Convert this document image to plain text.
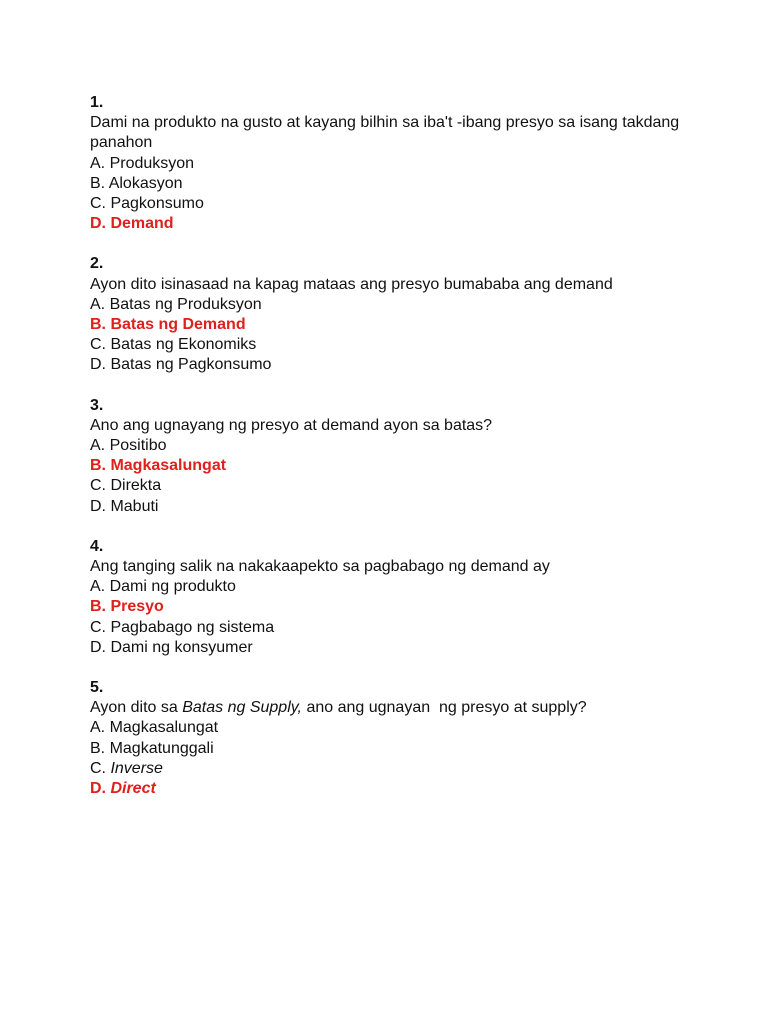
1.
Dami na produkto na gusto at kayang bilhin sa iba't -ibang presyo sa isang takdang panahon
A. Produksyon
B. Alokasyon
C. Pagkonsumo
D. Demand
2.
Ayon dito isinasaad na kapag mataas ang presyo bumababa ang demand
A. Batas ng Produksyon
B. Batas ng Demand
C. Batas ng Ekonomiks
D. Batas ng Pagkonsumo
3.
Ano ang ugnayang ng presyo at demand ayon sa batas?
A. Positibo
B. Magkasalungat
C. Direkta
D. Mabuti
4.
Ang tanging salik na nakakaapekto sa pagbabago ng demand ay
A. Dami ng produkto
B. Presyo
C. Pagbabago ng sistema
D. Dami ng konsyumer
5.
Ayon dito sa Batas ng Supply, ano ang ugnayan  ng presyo at supply?
A. Magkasalungat
B. Magkatunggali
C. Inverse
D. Direct
